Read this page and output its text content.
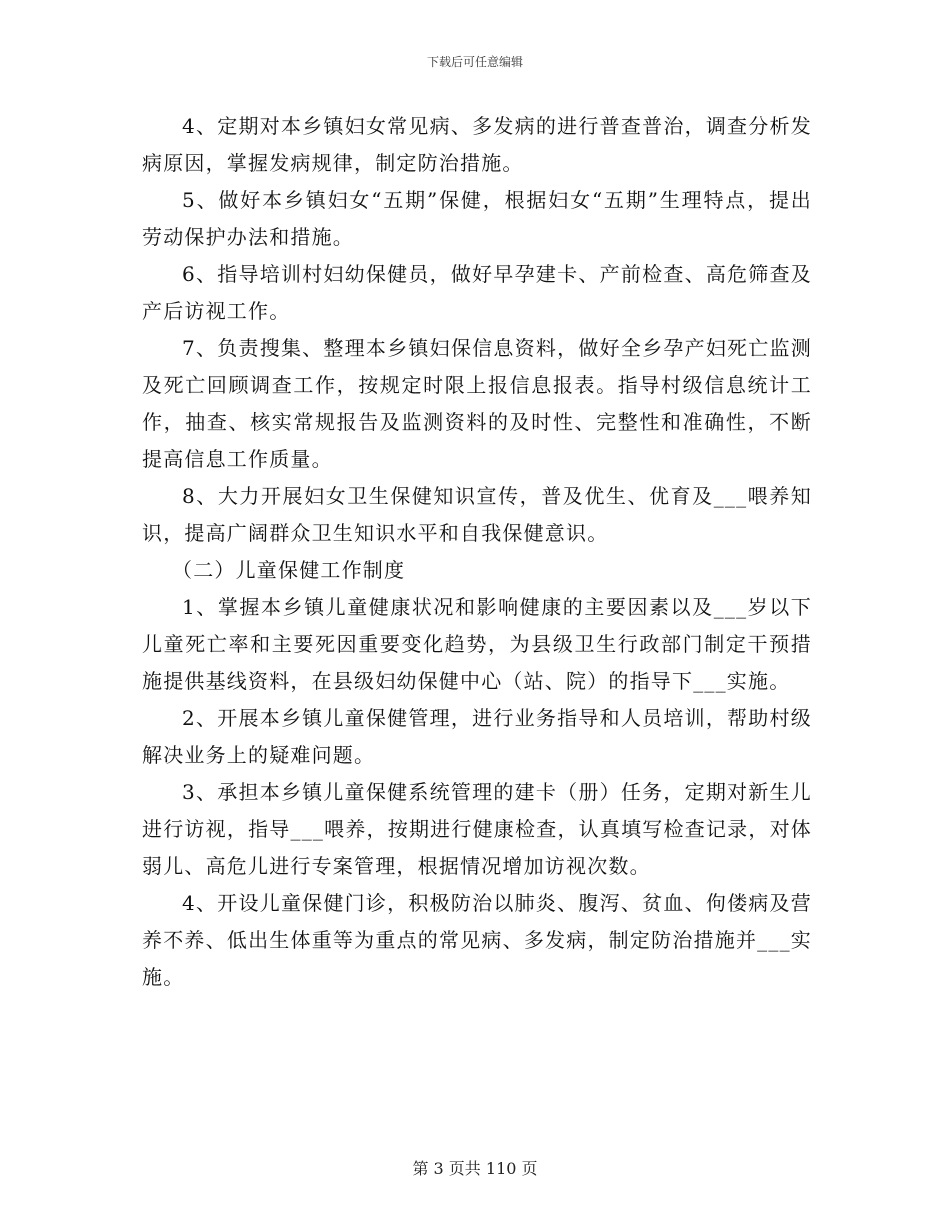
下载后可任意编辑

4、定期对本乡镇妇女常见病、多发病的进行普查普治，调查分析发病原因，掌握发病规律，制定防治措施。

5、做好本乡镇妇女“五期”保健，根据妇女“五期”生理特点，提出劳动保护办法和措施。

6、指导培训村妇幼保健员，做好早孕建卡、产前检查、高危筛查及产后访视工作。

7、负责搜集、整理本乡镇妇保信息资料，做好全乡孕产妇死亡监测及死亡回顾调查工作，按规定时限上报信息报表。指导村级信息统计工作，抽查、核实常规报告及监测资料的及时性、完整性和准确性，不断提高信息工作质量。

8、大力开展妇女卫生保健知识宣传，普及优生、优育及___喂养知识，提高广阔群众卫生知识水平和自我保健意识。

（二）儿童保健工作制度

1、掌握本乡镇儿童健康状况和影响健康的主要因素以及___岁以下儿童死亡率和主要死因重要变化趋势，为县级卫生行政部门制定干预措施提供基线资料，在县级妇幼保健中心（站、院）的指导下___实施。

2、开展本乡镇儿童保健管理，进行业务指导和人员培训，帮助村级解决业务上的疑难问题。

3、承担本乡镇儿童保健系统管理的建卡（册）任务，定期对新生儿进行访视，指导___喂养，按期进行健康检查，认真填写检查记录，对体弱儿、高危儿进行专案管理，根据情况增加访视次数。

4、开设儿童保健门诊，积极防治以肺炎、腹泻、贫血、佝偻病及营养不养、低出生体重等为重点的常见病、多发病，制定防治措施并___实施。

第 3 页共 110 页
